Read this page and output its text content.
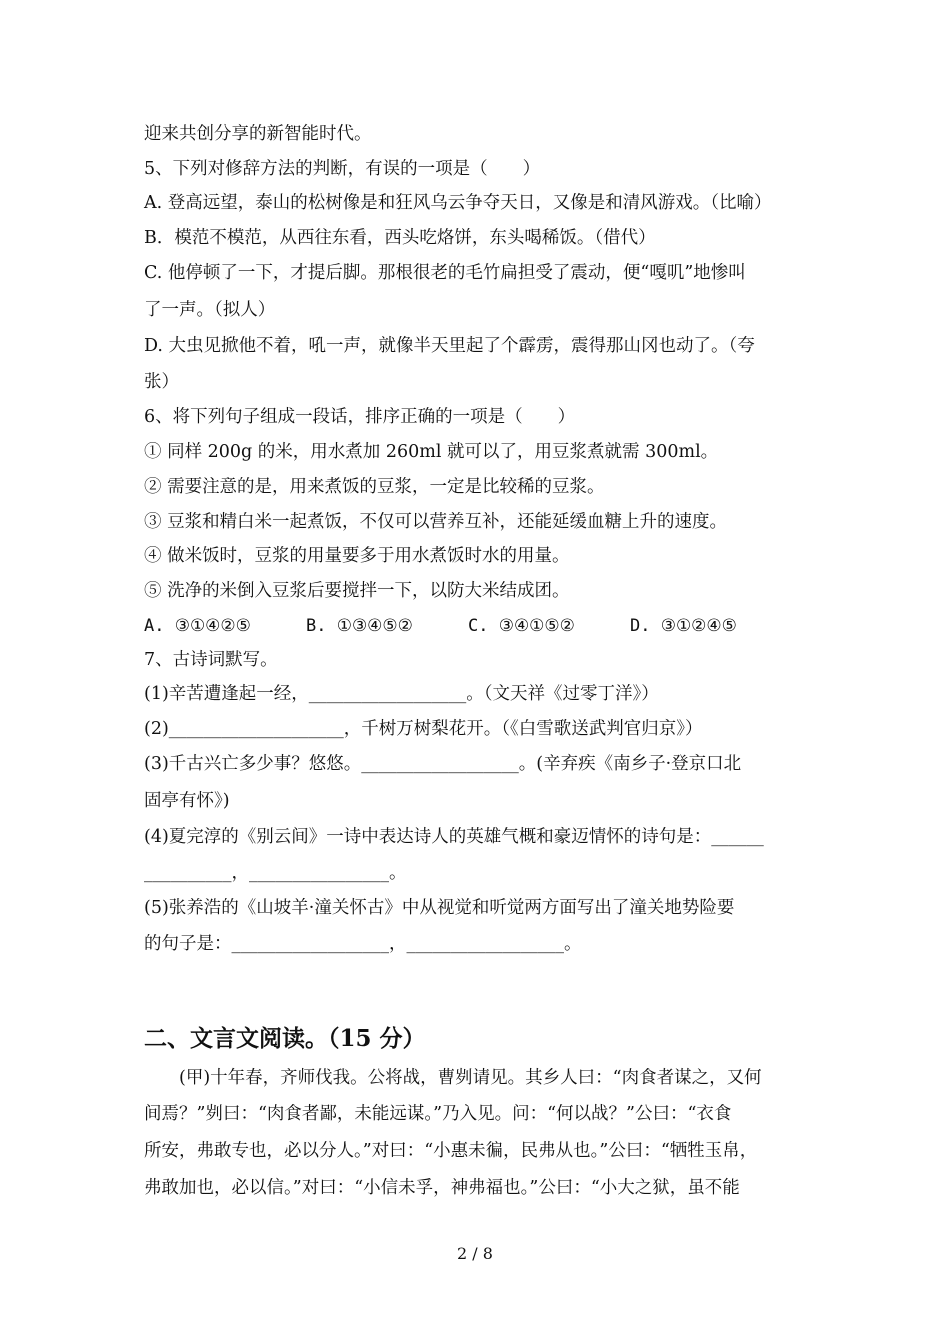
迎来共创分享的新智能时代。
5、下列对修辞方法的判断，有误的一项是（　　）
A. 登高远望，泰山的松树像是和狂风乌云争夺天日，又像是和清风游戏。（比喻）
B．模范不模范，从西往东看，西头吃烙饼，东头喝稀饭。（借代）
C. 他停顿了一下，才提后脚。那根很老的毛竹扁担受了震动，便“嘎叽”地惨叫
了一声。（拟人）
D. 大虫见掀他不着，吼一声，就像半天里起了个霹雳，震得那山冈也动了。（夸
张）
6、将下列句子组成一段话，排序正确的一项是（　　）
① 同样 200g 的米，用水煮加 260ml 就可以了，用豆浆煮就需 300ml。
② 需要注意的是，用来煮饭的豆浆，一定是比较稀的豆浆。
③ 豆浆和精白米一起煮饭，不仅可以营养互补，还能延缓血糖上升的速度。
④ 做米饭时，豆浆的用量要多于用水煮饭时水的用量。
⑤ 洗净的米倒入豆浆后要搅拌一下，以防大米结成团。
A. ③①④②⑤	B. ①③④⑤②	C. ③④①⑤②	D. ③①②④⑤
7、古诗词默写。
(1)辛苦遭逢起一经，__________________。（文天祥《过零丁洋》）
(2)____________________，千树万树梨花开。（《白雪歌送武判官归京》）
(3)千古兴亡多少事？悠悠。__________________。(辛弃疾《南乡子·登京口北
固亭有怀》)
(4)夏完淳的《别云间》一诗中表达诗人的英雄气概和豪迈情怀的诗句是：______
__________，________________。
(5)张养浩的《山坡羊·潼关怀古》中从视觉和听觉两方面写出了潼关地势险要
的句子是：__________________，__________________。
二、文言文阅读。（15 分）
　　(甲)十年春，齐师伐我。公将战，曹刿请见。其乡人曰：“肉食者谋之，又何
间焉？”刿曰：“肉食者鄙，未能远谋。”乃入见。问：“何以战？”公曰：“衣食
所安，弗敢专也，必以分人。”对曰：“小惠未徧，民弗从也。”公曰：“牺牲玉帛，
弗敢加也，必以信。”对曰：“小信未孚，神弗福也。”公曰：“小大之狱，虽不能
2 / 8
